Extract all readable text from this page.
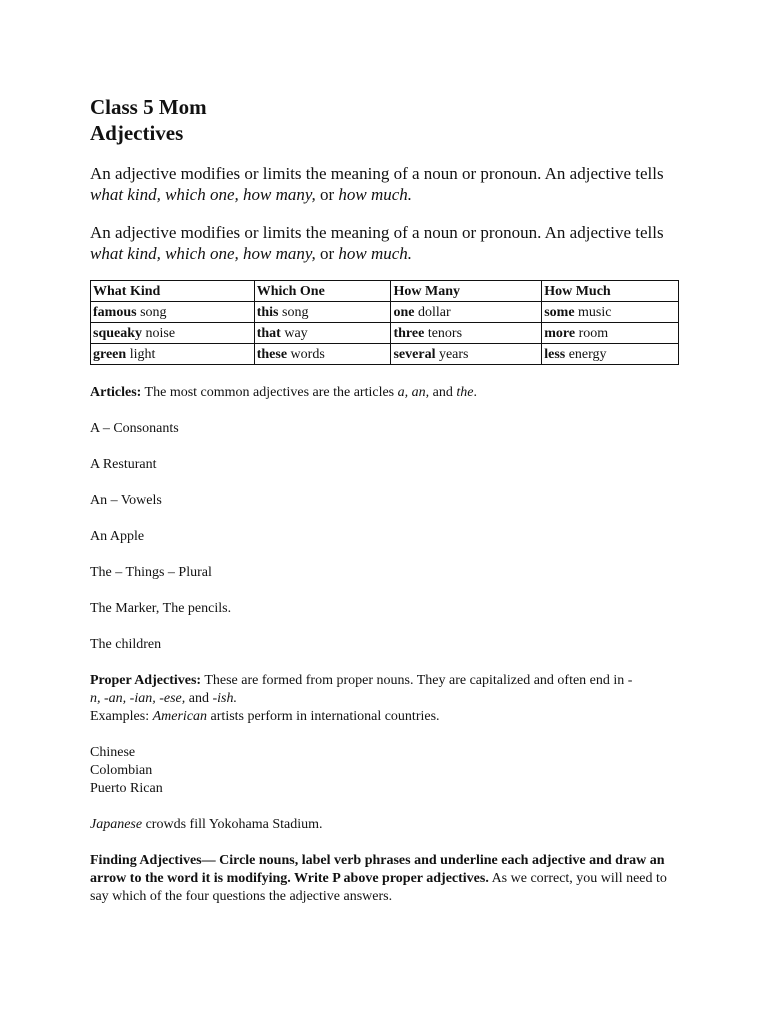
Class 5 Mom
Adjectives

An adjective modifies or limits the meaning of a noun or pronoun. An adjective tells what kind, which one, how many, or how much.

An adjective modifies or limits the meaning of a noun or pronoun. An adjective tells what kind, which one, how many, or how much.

What Kind	Which One	How Many	How Much
famous song	this song	one dollar	some music
squeaky noise	that way	three tenors	more room
green light	these words	several years	less energy

Articles: The most common adjectives are the articles a, an, and the.

A – Consonants

A Resturant

An – Vowels

An Apple

The – Things – Plural

The Marker, The pencils.

The children

Proper Adjectives: These are formed from proper nouns. They are capitalized and often end in -
n, -an, -ian, -ese, and -ish.
Examples: American artists perform in international countries.

Chinese
Colombian
Puerto Rican

Japanese crowds fill Yokohama Stadium.

Finding Adjectives— Circle nouns, label verb phrases and underline each adjective and draw an arrow to the word it is modifying. Write P above proper adjectives. As we correct, you will need to say which of the four questions the adjective answers.
